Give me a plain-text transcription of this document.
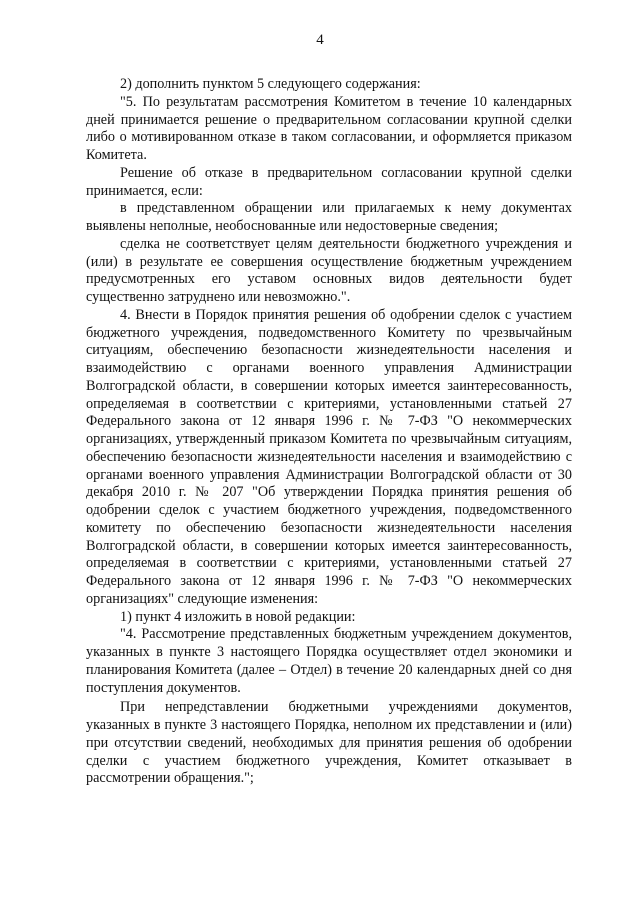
4

2) дополнить пунктом 5 следующего содержания:

"5. По результатам рассмотрения Комитетом в течение 10 календарных дней принимается решение о предварительном согласовании крупной сделки либо о мотивированном отказе в таком согласовании, и оформляется приказом Комитета.

Решение об отказе в предварительном согласовании крупной сделки принимается, если:

в представленном обращении или прилагаемых к нему документах выявлены неполные, необоснованные или недостоверные сведения;

сделка не соответствует целям деятельности бюджетного учреждения и (или) в результате ее совершения осуществление бюджетным учреждением предусмотренных его уставом основных видов деятельности будет существенно затруднено или невозможно.".

4. Внести в Порядок принятия решения об одобрении сделок с участием бюджетного учреждения, подведомственного Комитету по чрезвычайным ситуациям, обеспечению безопасности жизнедеятельности населения и взаимодействию с органами военного управления Администрации Волгоградской области, в совершении которых имеется заинтересованность, определяемая в соответствии с критериями, установленными статьей 27 Федерального закона от 12 января 1996 г. № 7-ФЗ "О некоммерческих организациях, утвержденный приказом Комитета по чрезвычайным ситуациям, обеспечению безопасности жизнедеятельности населения и взаимодействию с органами военного управления Администрации Волгоградской области от 30 декабря 2010 г. № 207 "Об утверждении Порядка принятия решения об одобрении сделок с участием бюджетного учреждения, подведомственного комитету по обеспечению безопасности жизнедеятельности населения Волгоградской области, в совершении которых имеется заинтересованность, определяемая в соответствии с критериями, установленными статьей 27 Федерального закона от 12 января 1996 г. № 7-ФЗ "О некоммерческих организациях" следующие изменения:

1) пункт 4 изложить в новой редакции:

"4. Рассмотрение представленных бюджетным учреждением документов, указанных в пункте 3 настоящего Порядка осуществляет отдел экономики и планирования Комитета (далее – Отдел) в течение 20 календарных дней со дня поступления документов.

При непредставлении бюджетными учреждениями документов, указанных в пункте 3 настоящего Порядка, неполном их представлении и (или) при отсутствии сведений, необходимых для принятия решения об одобрении сделки с участием бюджетного учреждения, Комитет отказывает в рассмотрении обращения.";
